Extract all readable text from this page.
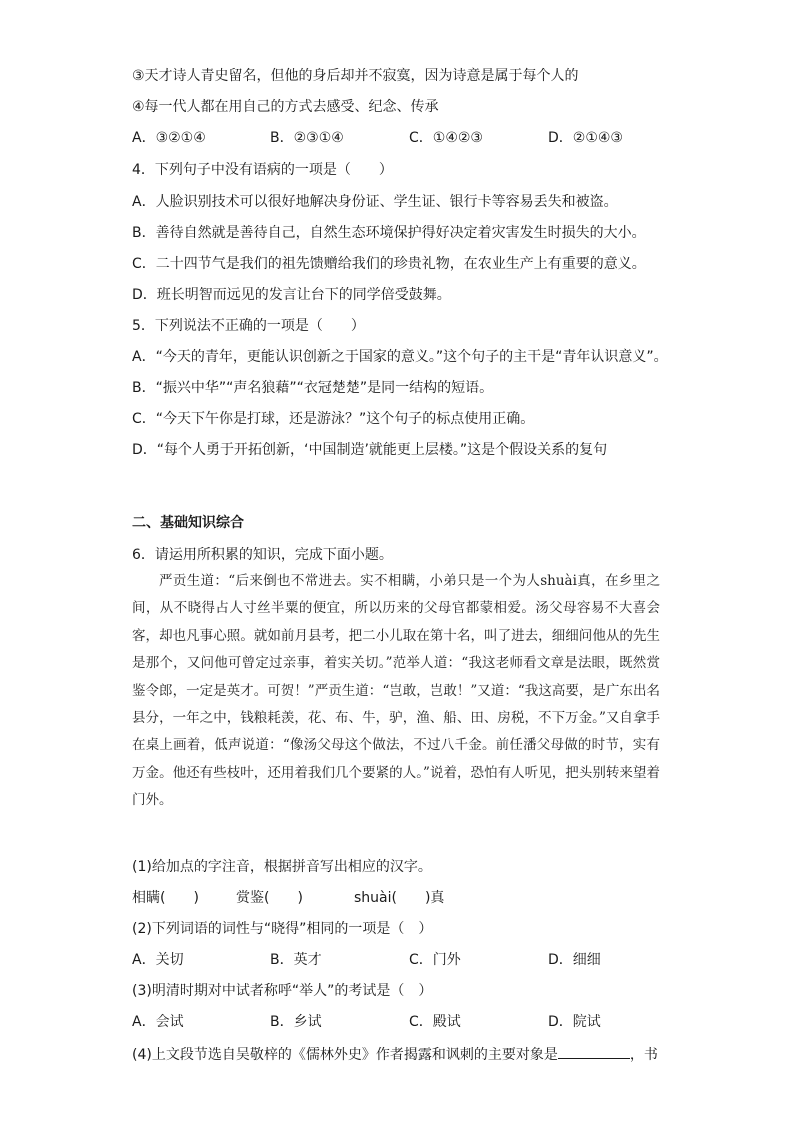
③天才诗人青史留名，但他的身后却并不寂寞，因为诗意是属于每个人的
④每一代人都在用自己的方式去感受、纪念、传承
A．③②①④	B．②③①④	C．①④②③	D．②①④③
4．下列句子中没有语病的一项是（　　）
A．人脸识别技术可以很好地解决身份证、学生证、银行卡等容易丢失和被盗。
B．善待自然就是善待自己，自然生态环境保护得好决定着灾害发生时损失的大小。
C．二十四节气是我们的祖先馈赠给我们的珍贵礼物，在农业生产上有重要的意义。
D．班长明智而远见的发言让台下的同学倍受鼓舞。
5．下列说法不正确的一项是（　　）
A．“今天的青年，更能认识创新之于国家的意义。”这个句子的主干是“青年认识意义”。
B．“振兴中华”“声名狼藉”“衣冠楚楚”是同一结构的短语。
C．“今天下午你是打球，还是游泳？”这个句子的标点使用正确。
D．“每个人勇于开拓创新，‘中国制造’就能更上层楼。”这是个假设关系的复句
二、基础知识综合
6．请运用所积累的知识，完成下面小题。
严贡生道：“后来倒也不常进去。实不相瞒，小弟只是一个为人shuài真，在乡里之间，从不晓得占人寸丝半粟的便宜，所以历来的父母官都蒙相爱。汤父母容易不大喜会客，却也凡事心照。就如前月县考，把二小儿取在第十名，叫了进去，细细问他从的先生是那个，又问他可曾定过亲事，着实关切。”范举人道：“我这老师看文章是法眼，既然赏鉴令郎，一定是英才。可贺！”严贡生道：“岂敢，岂敢！”又道：“我这高要，是广东出名县分，一年之中，钱粮耗羡，花、布、牛，驴，渔、船、田、房税，不下万金。”又自拿手在桌上画着，低声说道：“像汤父母这个做法，不过八千金。前任潘父母做的时节，实有万金。他还有些枝叶，还用着我们几个要紧的人。”说着，恐怕有人听见，把头别转来望着门外。
(1)给加点的字注音，根据拼音写出相应的汉字。
相瞒(　　)	赏鉴(　　)	shuài(　　)真
(2)下列词语的词性与“晓得”相同的一项是（　）
A．关切	B．英才	C．门外	D．细细
(3)明清时期对中试者称呼“举人”的考试是（　）
A．会试	B．乡试	C．殿试	D．院试
(4)上文段节选自吴敬梓的《儒林外史》作者揭露和讽刺的主要对象是	，书
